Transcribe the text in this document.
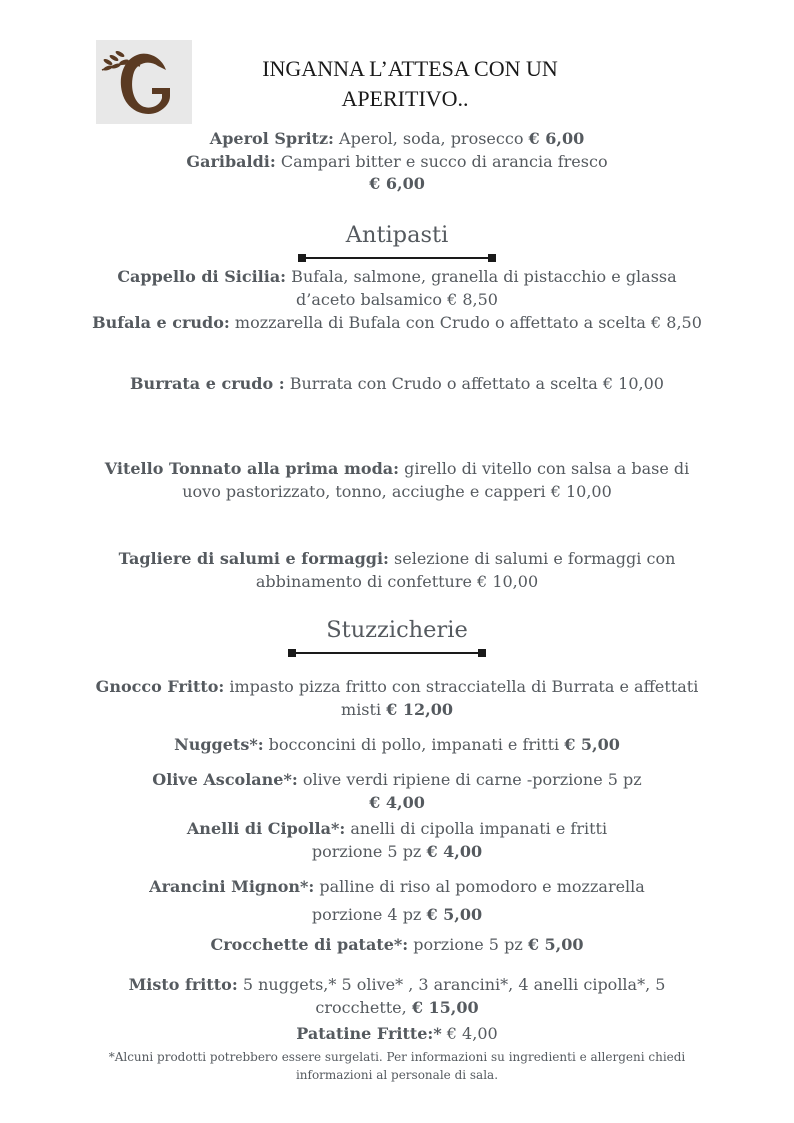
INGANNA L’ATTESA CON UN
APERITIVO..
Aperol Spritz: Aperol, soda, prosecco € 6,00
Garibaldi: Campari bitter e succo di arancia fresco
€ 6,00
Antipasti
Cappello di Sicilia: Bufala, salmone, granella di pistacchio e glassa d’aceto balsamico € 8,50
Bufala e crudo: mozzarella di Bufala con Crudo o affettato a scelta € 8,50
Burrata e crudo : Burrata con Crudo o affettato a scelta € 10,00
Vitello Tonnato alla prima moda: girello di vitello con salsa a base di uovo pastorizzato, tonno, acciughe e capperi € 10,00
Tagliere di salumi e formaggi: selezione di salumi e formaggi con abbinamento di confetture € 10,00
Stuzzicherie
Gnocco Fritto: impasto pizza fritto con stracciatella di Burrata e affettati misti € 12,00
Nuggets*: bocconcini di pollo, impanati e fritti € 5,00
Olive Ascolane*: olive verdi ripiene di carne -porzione 5 pz
€ 4,00
Anelli di Cipolla*: anelli di cipolla impanati e fritti
porzione 5 pz € 4,00
Arancini Mignon*: palline di riso al pomodoro e mozzarella
porzione 4 pz € 5,00
Crocchette di patate*: porzione 5 pz € 5,00
Misto fritto: 5 nuggets,* 5 olive* , 3 arancini*, 4 anelli cipolla*, 5 crocchette, € 15,00
Patatine Fritte:* € 4,00
*Alcuni prodotti potrebbero essere surgelati. Per informazioni su ingredienti e allergeni chiedi informazioni al personale di sala.
